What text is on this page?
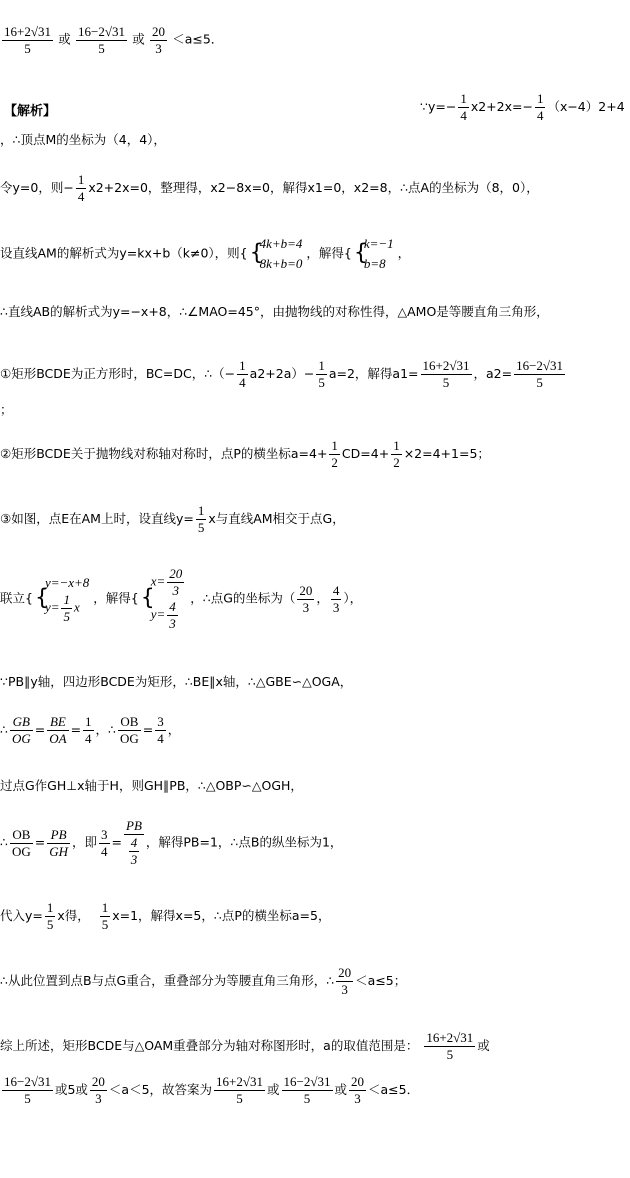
$\frac{16+2√31}{5}$ 或 $\frac{16-2√31}{5}$ 或 $\frac{20}{3} <a\le 5$．
【解析】	∵y=− $\frac{1}{4} x2+2x=- \frac{1}{4} (x-4)2+4$
，∴顶点M的坐标为（4，4），
令y=0，则− $\frac{1}{4} x2+2x=0$，整理得，x2−8x=0，解得x1=0，x2=8，∴点A的坐标为（8，0），
设直线AM的解析式为y=kx+b（k≠0），则{
{ 4k+b=4
8k+b=0
，解得{
{ k=−1
b=8
，
∴直线AB的解析式为y=−x+8，∴∠MAO=45°，由抛物线的对称性得，△AMO是等腰直角三角形，
①矩形BCDE为正方形时，BC=DC，∴（− $\frac{1}{4} a2+2a)- \frac{1}{5} a=2$，解得$a1= \frac{16+2√31}{5}$ ，$a2= \frac{16-2√31}{5}$
；
②矩形BCDE关于抛物线对称轴对称时，点P的横坐标$a=4+ \frac{1}{2} CD=4+ \frac{1}{2} \times 2=4+1=5$；
③如图，点E在AM上时，设直线$y= \frac{1}{5}$ x与直线AM相交于点G，
联立{
{ y=−x+8
$y= \frac{1}{5}$ x
，解得{
{ $x= \frac{20}{3}$
$y= \frac{4}{3}$
，∴点G的坐标为（ $\frac{20}{3}$ ， $\frac{4}{3}$ ），
∵PB∥y轴，四边形BCDE为矩形，∴BE∥x轴，∴△GBE∽△OGA，
∴ $\frac{GB}{OG} = \frac{BE}{OA} = \frac{1}{4}$ ，∴ $\frac{OB}{OG} = \frac{3}{4}$ ，
过点G作GH⊥x轴于H，则GH∥PB，∴△OBP∽△OGH，
∴ $\frac{OB}{OG} = \frac{PB}{GH}$ ，即 $\frac{3}{4} = \frac{PB}{\frac{4}{3}}$ ，解得PB=1，∴点B的纵坐标为1，
代入$y= \frac{1}{5}$ x得， $\frac{1}{5} x=1$，解得x=5，∴点P的横坐标a=5，
∴从此位置到点B与点G重合，重叠部分为等腰直角三角形，∴ $\frac{20}{3} <a\le 5$；
综上所述，矩形BCDE与△OAM重叠部分为轴对称图形时，a的取值范围是： $\frac{16+2√31}{5}$ 或
$\frac{16-2√31}{5}$ 或5或 $\frac{20}{3} <a<5$，故答案为 $\frac{16+2√31}{5}$ 或 $\frac{16-2√31}{5}$ 或 $\frac{20}{3} <a\le 5$．
